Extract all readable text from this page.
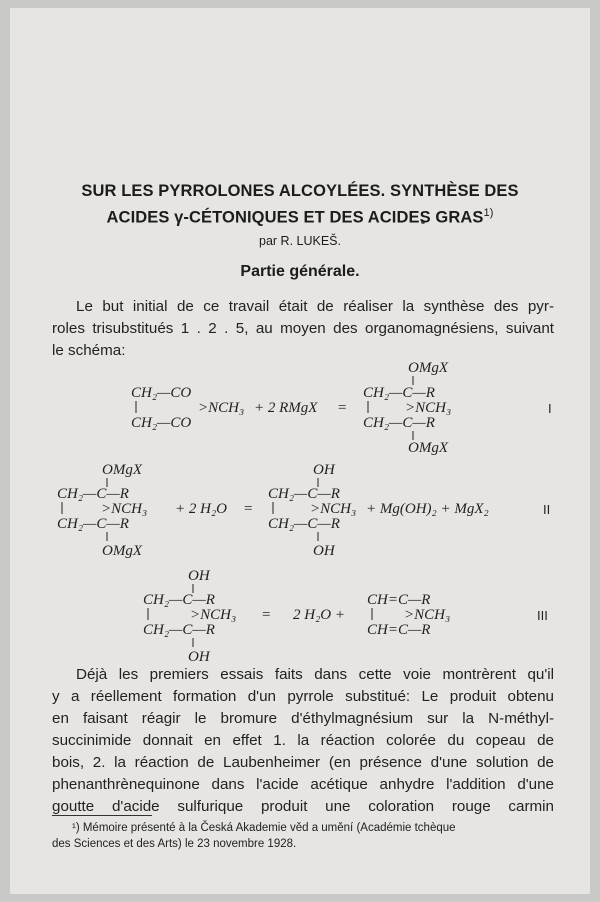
SUR LES PYRROLONES ALCOYLÉES. SYNTHÈSE DES
ACIDES γ-CÉTONIQUES ET DES ACIDES GRAS$^{1)}$
par R. LUKEŠ.
Partie générale.
Le but initial de ce travail était de réaliser la synthèse des pyr-
roles trisubstitués 1 . 2 . 5, au moyen des organomagnésiens, suivant
le schéma:
CH₂—CO
CH₂—CO
>NCH₃ + 2 RMgX =
OMgX
CH₂—C—R
>NCH₃
CH₂—C—R
OMgX
I
OMgX
CH₂—C—R
>NCH₃
CH₂—C—R
OMgX
+ 2 H₂O =
OH
CH₂—C—R
>NCH₃
CH₂—C—R
OH
+ Mg(OH)₂ + MgX₂	II
OH
CH₂—C—R
>NCH₃
CH₂—C—R
OH
= 2 H₂O +
CH=C—R
>NCH₃
CH=C—R
III
Déjà les premiers essais faits dans cette voie montrèrent qu'il
y a réellement formation d'un pyrrole substitué: Le produit obtenu
en faisant réagir le bromure d'éthylmagnésium sur la N-méthyl-
succinimide donnait en effet 1. la réaction colorée du copeau de
bois, 2. la réaction de Laubenheimer (en présence d'une solution de
phenanthrènequinone dans l'acide acétique anhydre l'addition d'une
goutte d'acide sulfurique produit une coloration rouge carmin
¹) Mémoire présenté à la Česká Akademie věd a umění (Académie tchèque
des Sciences et des Arts) le 23 novembre 1928.
